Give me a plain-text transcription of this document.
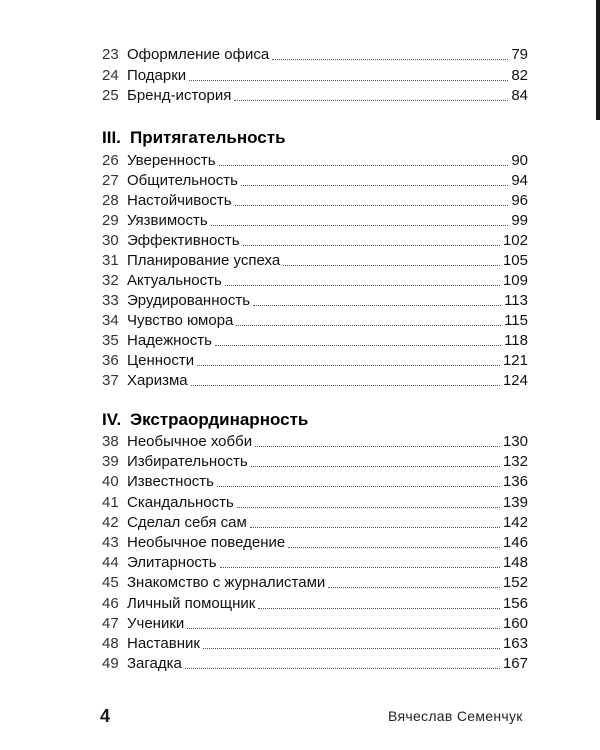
23 Оформление офиса	79
24 Подарки	82
25 Бренд-история	84
III. Притягательность
26 Уверенность	90
27 Общительность	94
28 Настойчивость	96
29 Уязвимость	99
30 Эффективность	102
31 Планирование успеха	105
32 Актуальность	109
33 Эрудированность	113
34 Чувство юмора	115
35 Надежность	118
36 Ценности	121
37 Харизма	124
IV. Экстраординарность
38 Необычное хобби	130
39 Избирательность	132
40 Известность	136
41 Скандальность	139
42 Сделал себя сам	142
43 Необычное поведение	146
44 Элитарность	148
45 Знакомство с журналистами	152
46 Личный помощник	156
47 Ученики	160
48 Наставник	163
49 Загадка	167
4	Вячеслав Семенчук
